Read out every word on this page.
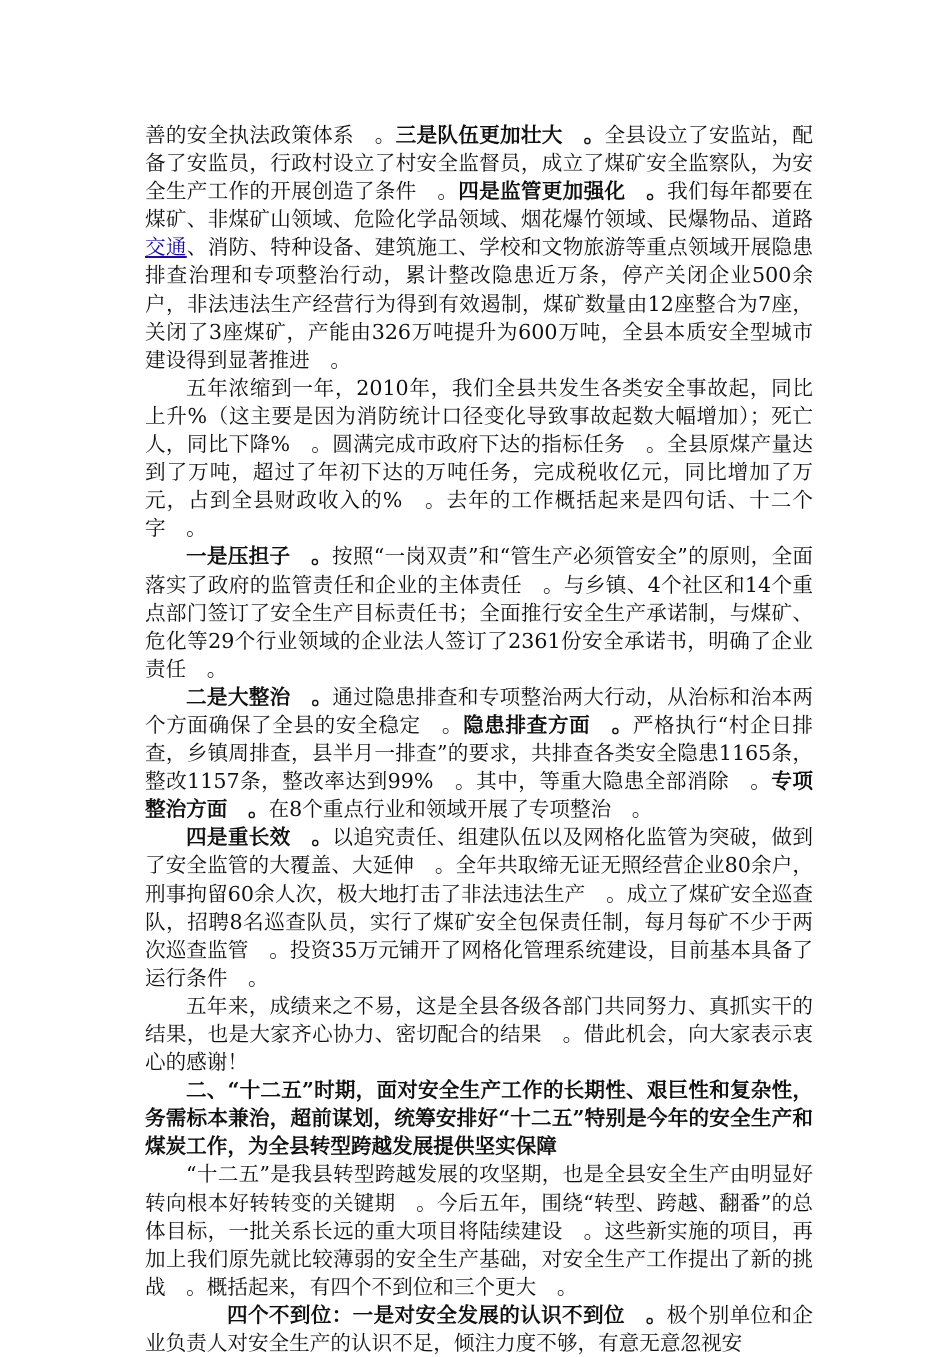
善的安全执法政策体系　。三是队伍更加壮大　。全县设立了安监站，配备了安监员，行政村设立了村安全监督员，成立了煤矿安全监察队，为安全生产工作的开展创造了条件　。四是监管更加强化　。我们每年都要在煤矿、非煤矿山领域、危险化学品领域、烟花爆竹领域、民爆物品、道路交通、消防、特种设备、建筑施工、学校和文物旅游等重点领域开展隐患排查治理和专项整治行动，累计整改隐患近万条，停产关闭企业500余户，非法违法生产经营行为得到有效遏制，煤矿数量由12座整合为7座，关闭了3座煤矿，产能由326万吨提升为600万吨，全县本质安全型城市建设得到显著推进　。

五年浓缩到一年，2010年，我们全县共发生各类安全事故起，同比上升%（这主要是因为消防统计口径变化导致事故起数大幅增加）；死亡人，同比下降%　。圆满完成市政府下达的指标任务　。全县原煤产量达到了万吨，超过了年初下达的万吨任务，完成税收亿元，同比增加了万元，占到全县财政收入的%　。去年的工作概括起来是四句话、十二个字　。

一是压担子　。按照“一岗双责”和“管生产必须管安全”的原则，全面落实了政府的监管责任和企业的主体责任　。与乡镇、4个社区和14个重点部门签订了安全生产目标责任书；全面推行安全生产承诺制，与煤矿、危化等29个行业领域的企业法人签订了2361份安全承诺书，明确了企业责任　。

二是大整治　。通过隐患排查和专项整治两大行动，从治标和治本两个方面确保了全县的安全稳定　。隐患排查方面　。严格执行“村企日排查，乡镇周排查，县半月一排查”的要求，共排查各类安全隐患1165条，整改1157条，整改率达到99%　。其中，等重大隐患全部消除　。专项整治方面　。在8个重点行业和领域开展了专项整治　。

四是重长效　。以追究责任、组建队伍以及网格化监管为突破，做到了安全监管的大覆盖、大延伸　。全年共取缔无证无照经营企业80余户，刑事拘留60余人次，极大地打击了非法违法生产　。成立了煤矿安全巡查队，招聘8名巡查队员，实行了煤矿安全包保责任制，每月每矿不少于两次巡查监管　。投资35万元铺开了网格化管理系统建设，目前基本具备了运行条件　。

五年来，成绩来之不易，这是全县各级各部门共同努力、真抓实干的结果，也是大家齐心协力、密切配合的结果　。借此机会，向大家表示衷心的感谢！

二、“十二五”时期，面对安全生产工作的长期性、艰巨性和复杂性，务需标本兼治，超前谋划，统筹安排好“十二五”特别是今年的安全生产和煤炭工作，为全县转型跨越发展提供坚实保障

“十二五”是我县转型跨越发展的攻坚期，也是全县安全生产由明显好转向根本好转转变的关键期　。今后五年，围绕“转型、跨越、翻番”的总体目标，一批关系长远的重大项目将陆续建设　。这些新实施的项目，再加上我们原先就比较薄弱的安全生产基础，对安全生产工作提出了新的挑战　。概括起来，有四个不到位和三个更大　。

四个不到位：一是对安全发展的认识不到位　。极个别单位和企业负责人对安全生产的认识不足，倾注力度不够，有意无意忽视安
